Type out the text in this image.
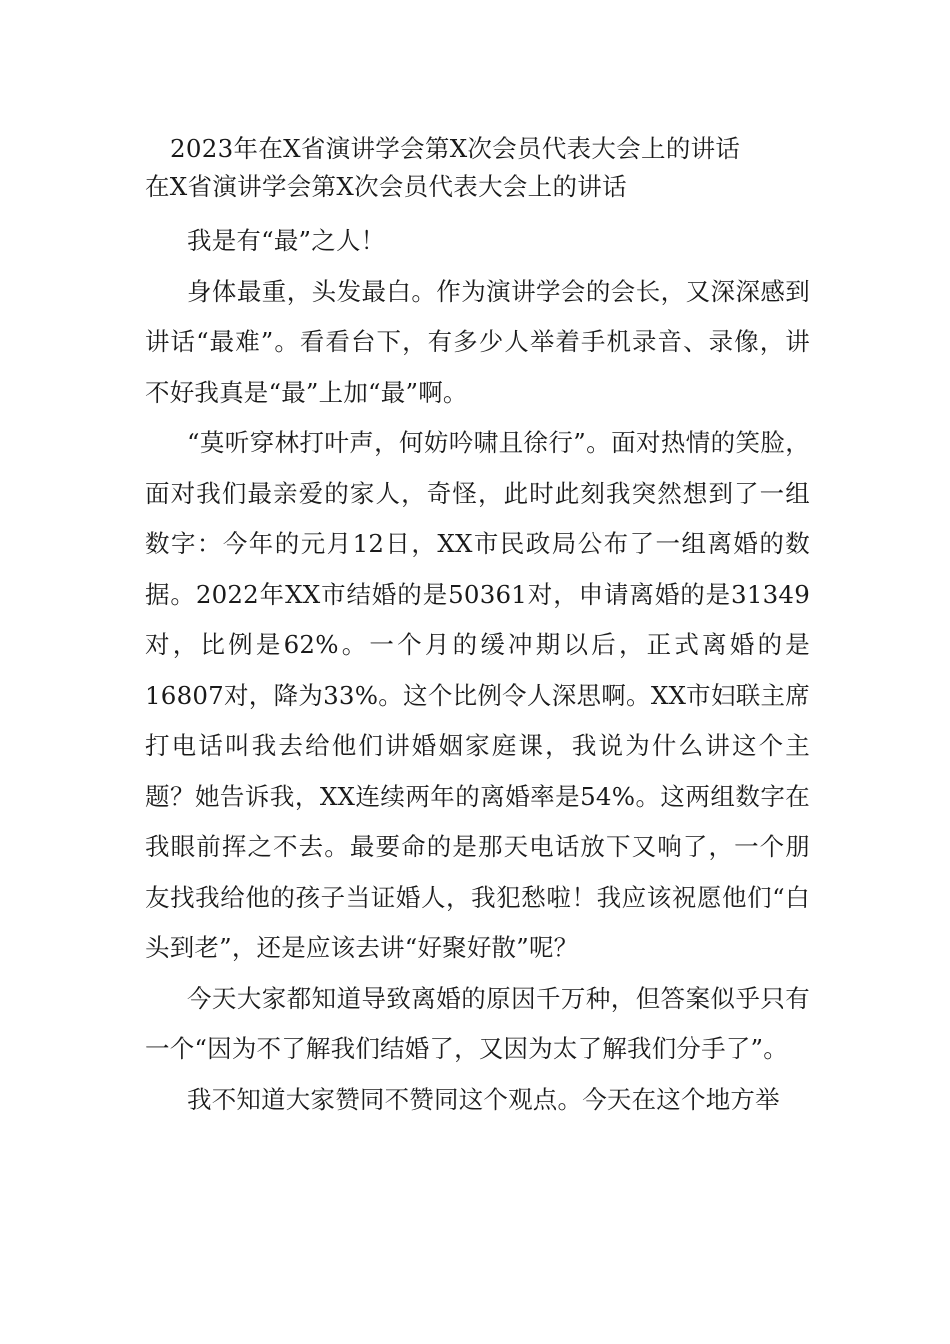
2023年在X省演讲学会第X次会员代表大会上的讲话

在X省演讲学会第X次会员代表大会上的讲话

我是有“最”之人！

身体最重，头发最白。作为演讲学会的会长，又深深感到讲话“最难”。看看台下，有多少人举着手机录音、录像，讲不好我真是“最”上加“最”啊。

“莫听穿林打叶声，何妨吟啸且徐行”。面对热情的笑脸，面对我们最亲爱的家人，奇怪，此时此刻我突然想到了一组数字：今年的元月12日，XX市民政局公布了一组离婚的数据。2022年XX市结婚的是50361对，申请离婚的是31349对，比例是62%。一个月的缓冲期以后，正式离婚的是16807对，降为33%。这个比例令人深思啊。XX市妇联主席打电话叫我去给他们讲婚姻家庭课，我说为什么讲这个主题？她告诉我，XX连续两年的离婚率是54%。这两组数字在我眼前挥之不去。最要命的是那天电话放下又响了，一个朋友找我给他的孩子当证婚人，我犯愁啦！我应该祝愿他们“白头到老”，还是应该去讲“好聚好散”呢？

今天大家都知道导致离婚的原因千万种，但答案似乎只有一个“因为不了解我们结婚了，又因为太了解我们分手了”。

我不知道大家赞同不赞同这个观点。今天在这个地方举
